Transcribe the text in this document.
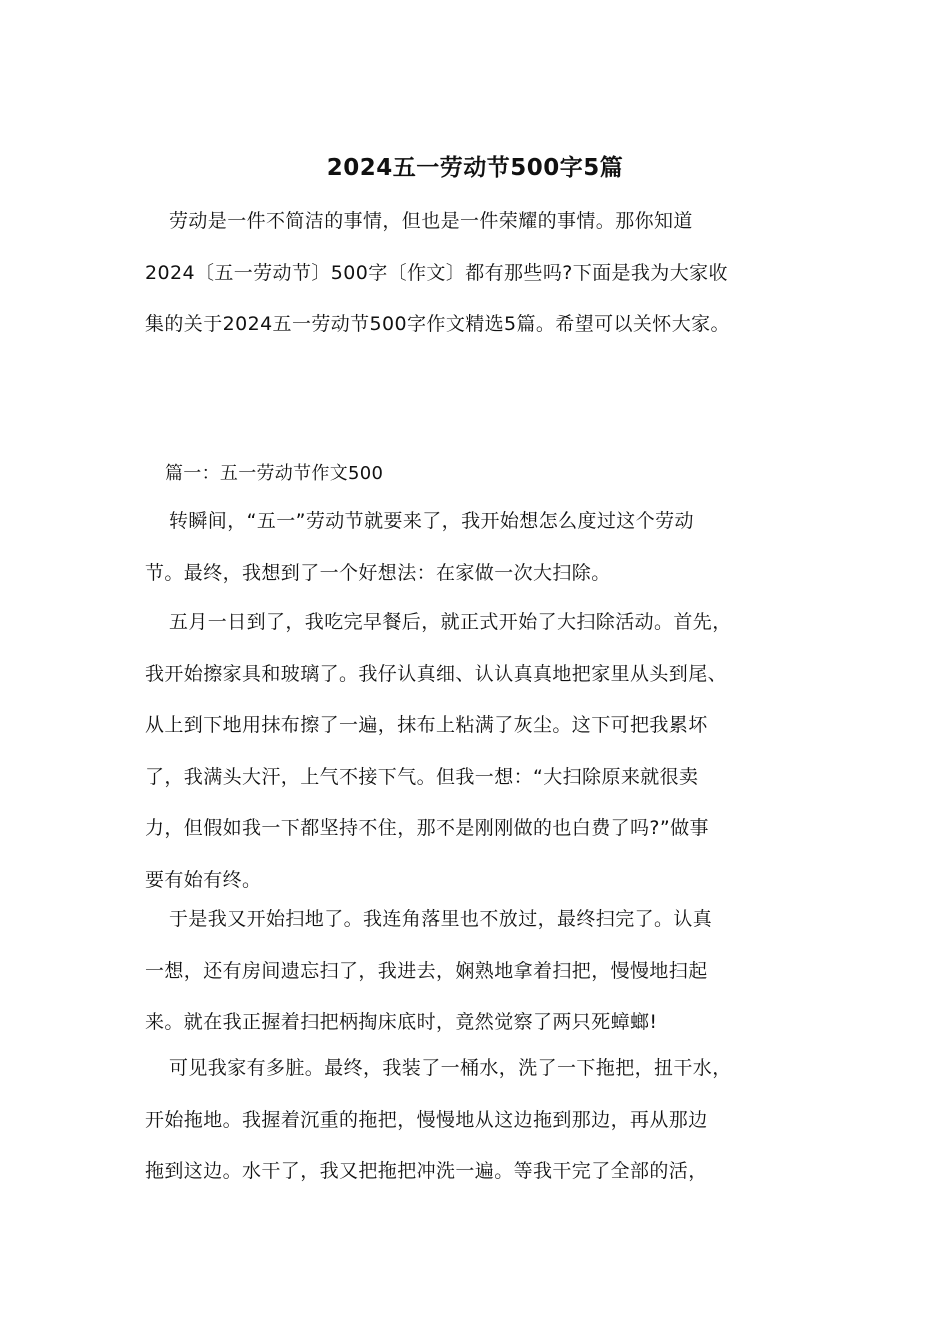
2024五一劳动节500字5篇

劳动是一件不简洁的事情，但也是一件荣耀的事情。那你知道
2024〔五一劳动节〕500字〔作文〕都有那些吗?下面是我为大家收
集的关于2024五一劳动节500字作文精选5篇。希望可以关怀大家。

篇一：五一劳动节作文500

转瞬间，“五一”劳动节就要来了，我开始想怎么度过这个劳动
节。最终，我想到了一个好想法：在家做一次大扫除。

五月一日到了，我吃完早餐后，就正式开始了大扫除活动。首先，
我开始擦家具和玻璃了。我仔认真细、认认真真地把家里从头到尾、
从上到下地用抹布擦了一遍，抹布上粘满了灰尘。这下可把我累坏
了，我满头大汗，上气不接下气。但我一想：“大扫除原来就很卖
力，但假如我一下都坚持不住，那不是刚刚做的也白费了吗?”做事
要有始有终。

于是我又开始扫地了。我连角落里也不放过，最终扫完了。认真
一想，还有房间遗忘扫了，我进去，娴熟地拿着扫把，慢慢地扫起
来。就在我正握着扫把柄掏床底时，竟然觉察了两只死蟑螂!

可见我家有多脏。最终，我装了一桶水，洗了一下拖把，扭干水，
开始拖地。我握着沉重的拖把，慢慢地从这边拖到那边，再从那边
拖到这边。水干了，我又把拖把冲洗一遍。等我干完了全部的活，
